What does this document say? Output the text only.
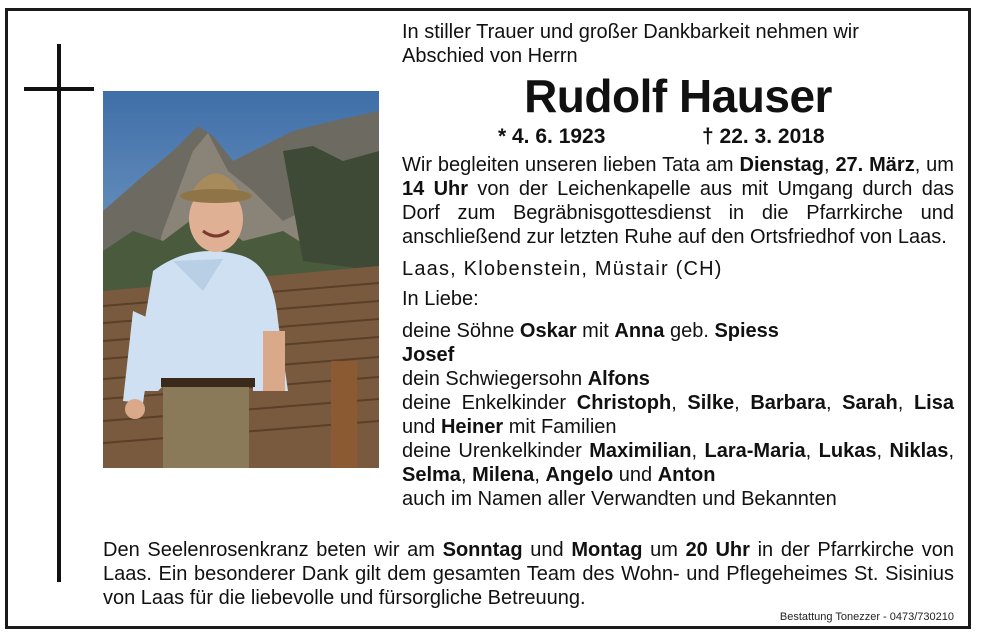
In stiller Trauer und großer Dankbarkeit nehmen wir
Abschied von Herrn
Rudolf Hauser
* 4. 6. 1923	† 22. 3. 2018

Wir begleiten unseren lieben Tata am Dienstag, 27. März, um 14 Uhr von der Leichenkapelle aus mit Umgang durch das Dorf zum Begräbnisgottesdienst in die Pfarrkirche und anschließend zur letzten Ruhe auf den Ortsfriedhof von Laas.

Laas, Klobenstein, Müstair (CH)

In Liebe:

deine Söhne Oskar mit Anna geb. Spiess

Josef

dein Schwiegersohn Alfons

deine Enkelkinder Christoph, Silke, Barbara, Sarah, Lisa und Heiner mit Familien

deine Urenkelkinder Maximilian, Lara-Maria, Lukas, Niklas, Selma, Milena, Angelo und Anton

auch im Namen aller Verwandten und Bekannten

Den Seelenrosenkranz beten wir am Sonntag und Montag um 20 Uhr in der Pfarrkirche von Laas. Ein besonderer Dank gilt dem gesamten Team des Wohn- und Pflegeheimes St. Sisinius von Laas für die liebevolle und fürsorgliche Betreuung.
Bestattung Tonezzer - 0473/730210
